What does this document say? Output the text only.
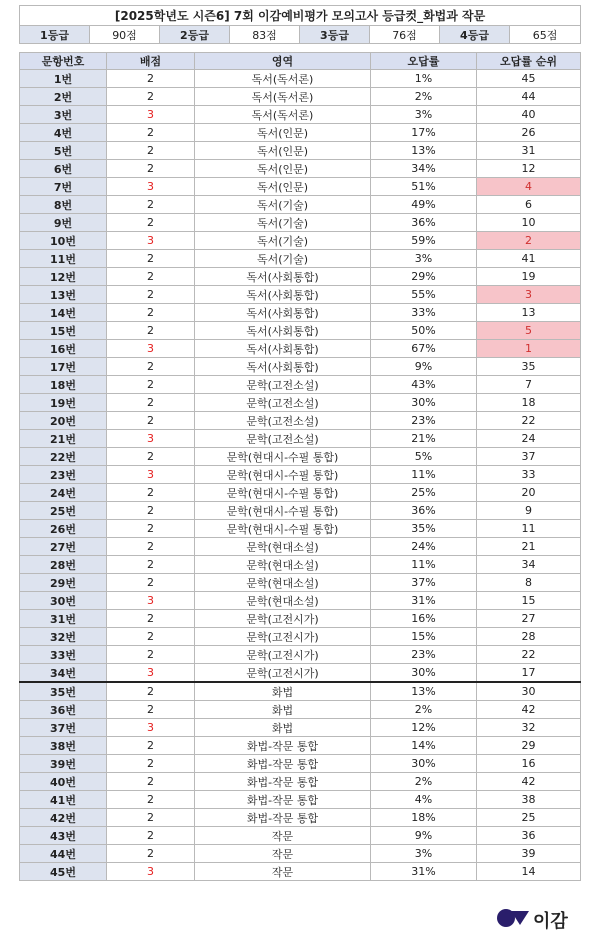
[2025학년도 시즌6] 7회 이감예비평가 모의고사 등급컷_화법과 작문
1등급	90점	2등급	83점	3등급	76점	4등급	65점
문항번호	배점	영역	오답률	오답률 순위
1번	2	독서(독서론)	1%	45
2번	2	독서(독서론)	2%	44
3번	3	독서(독서론)	3%	40
4번	2	독서(인문)	17%	26
5번	2	독서(인문)	13%	31
6번	2	독서(인문)	34%	12
7번	3	독서(인문)	51%	4
8번	2	독서(기술)	49%	6
9번	2	독서(기술)	36%	10
10번	3	독서(기술)	59%	2
11번	2	독서(기술)	3%	41
12번	2	독서(사회통합)	29%	19
13번	2	독서(사회통합)	55%	3
14번	2	독서(사회통합)	33%	13
15번	2	독서(사회통합)	50%	5
16번	3	독서(사회통합)	67%	1
17번	2	독서(사회통합)	9%	35
18번	2	문학(고전소설)	43%	7
19번	2	문학(고전소설)	30%	18
20번	2	문학(고전소설)	23%	22
21번	3	문학(고전소설)	21%	24
22번	2	문학(현대시-수필 통합)	5%	37
23번	3	문학(현대시-수필 통합)	11%	33
24번	2	문학(현대시-수필 통합)	25%	20
25번	2	문학(현대시-수필 통합)	36%	9
26번	2	문학(현대시-수필 통합)	35%	11
27번	2	문학(현대소설)	24%	21
28번	2	문학(현대소설)	11%	34
29번	2	문학(현대소설)	37%	8
30번	3	문학(현대소설)	31%	15
31번	2	문학(고전시가)	16%	27
32번	2	문학(고전시가)	15%	28
33번	2	문학(고전시가)	23%	22
34번	3	문학(고전시가)	30%	17
35번	2	화법	13%	30
36번	2	화법	2%	42
37번	3	화법	12%	32
38번	2	화법-작문 통합	14%	29
39번	2	화법-작문 통합	30%	16
40번	2	화법-작문 통합	2%	42
41번	2	화법-작문 통합	4%	38
42번	2	화법-작문 통합	18%	25
43번	2	작문	9%	36
44번	2	작문	3%	39
45번	3	작문	31%	14
이감
